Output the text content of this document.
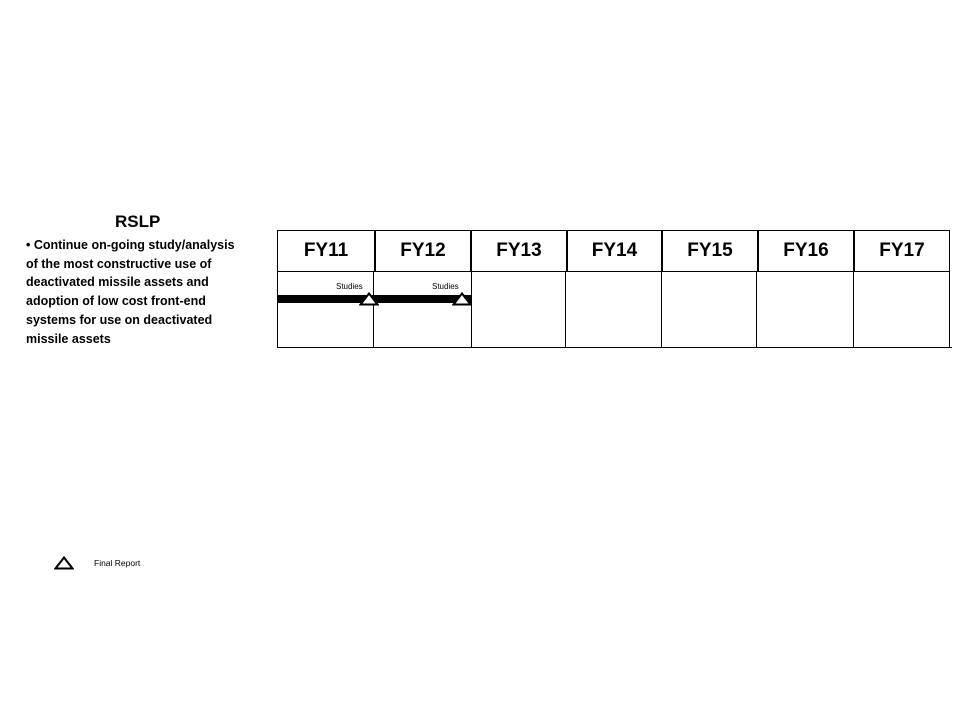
RSLP
• Continue on-going study/analysis
of the most constructive use of
deactivated missile assets and
adoption of low cost front-end
systems for use on deactivated
missile assets
FY11	FY12	FY13	FY14	FY15	FY16	FY17
Studies	Studies
Final Report
